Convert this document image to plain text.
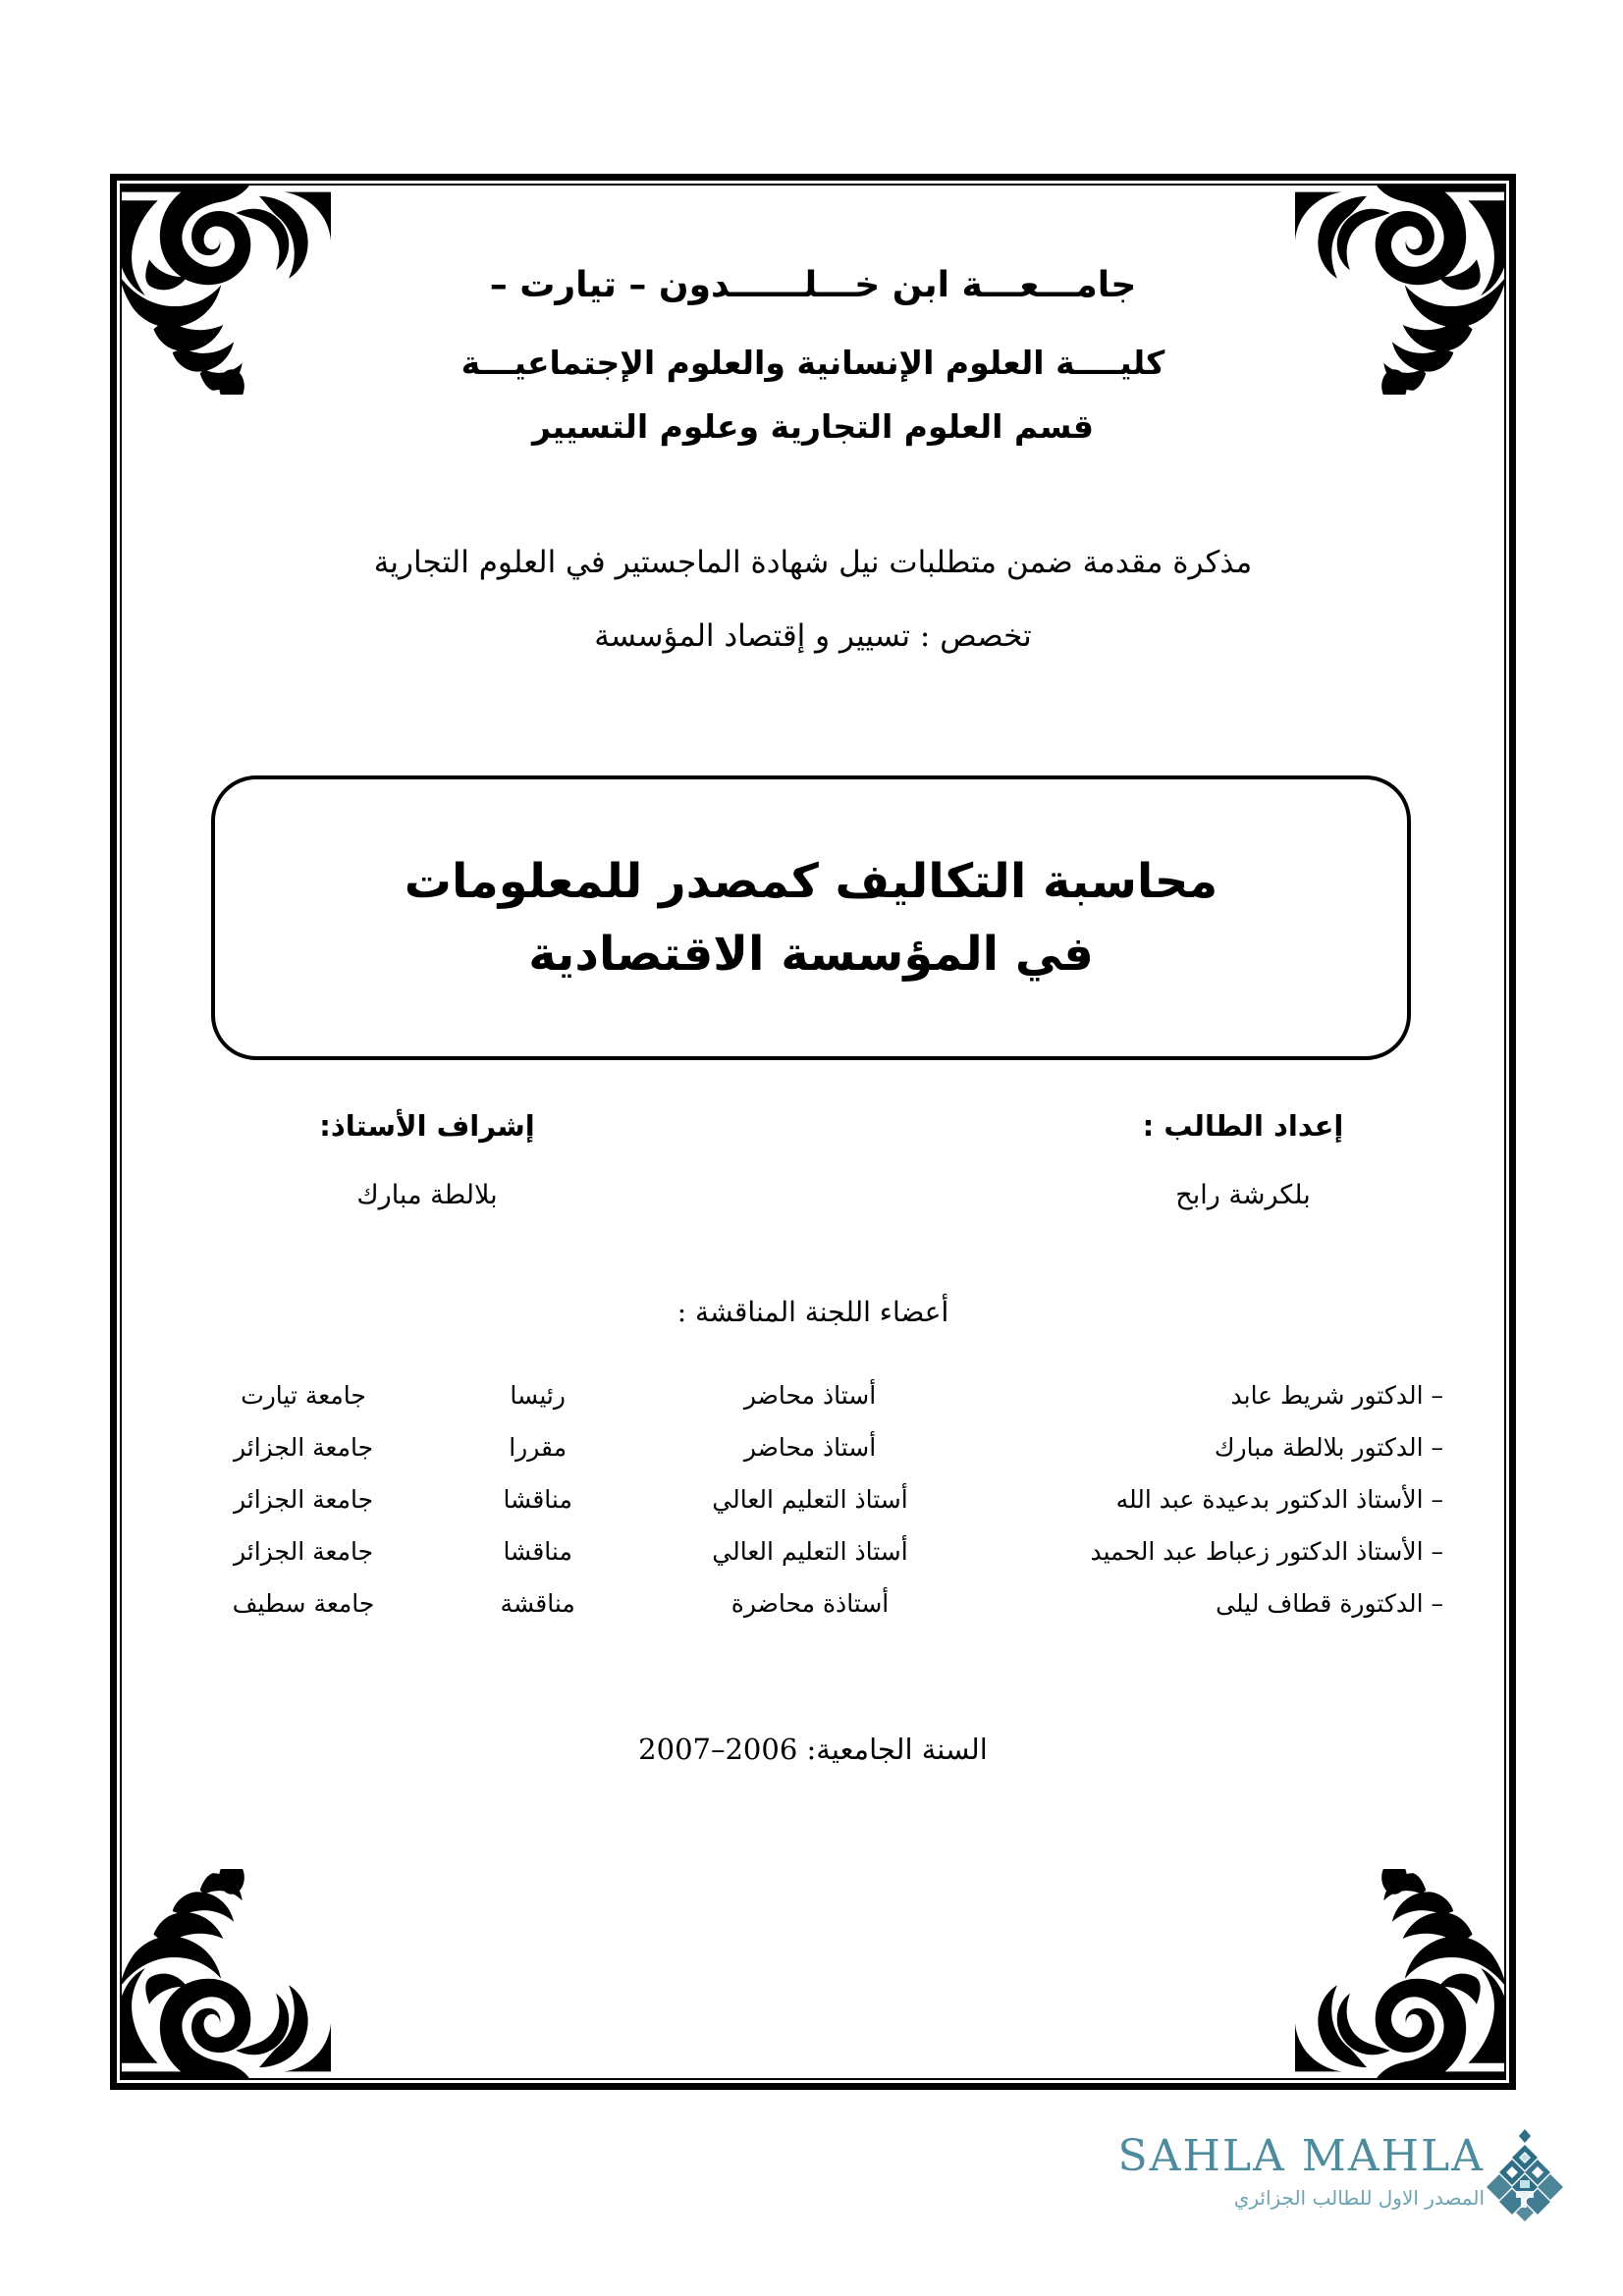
جامـــعـــة ابن خـــلــــــدون – تيارت –
كليــــة العلوم الإنسانية والعلوم الإجتماعيـــة
قسم العلوم التجارية وعلوم التسيير
مذكرة مقدمة ضمن متطلبات نيل شهادة الماجستير في العلوم التجارية
تخصص : تسيير و إقتصاد المؤسسة
محاسبة التكاليف كمصدر للمعلومات
في المؤسسة الاقتصادية
إعداد الطالب :
بلكرشة رابح
إشراف الأستاذ:
بلالطة مبارك
أعضاء اللجنة المناقشة :
– الدكتور شريط عابد	أستاذ محاضر	رئيسا	جامعة تيارت
– الدكتور بلالطة مبارك	أستاذ محاضر	مقررا	جامعة الجزائر
– الأستاذ الدكتور بدعيدة عبد الله	أستاذ التعليم العالي	مناقشا	جامعة الجزائر
– الأستاذ الدكتور زعباط عبد الحميد	أستاذ التعليم العالي	مناقشا	جامعة الجزائر
– الدكتورة قطاف ليلى	أستاذة محاضرة	مناقشة	جامعة سطيف
السنة الجامعية: 2007–2006
SAHLA MAHLA
المصدر الاول للطالب الجزائري
